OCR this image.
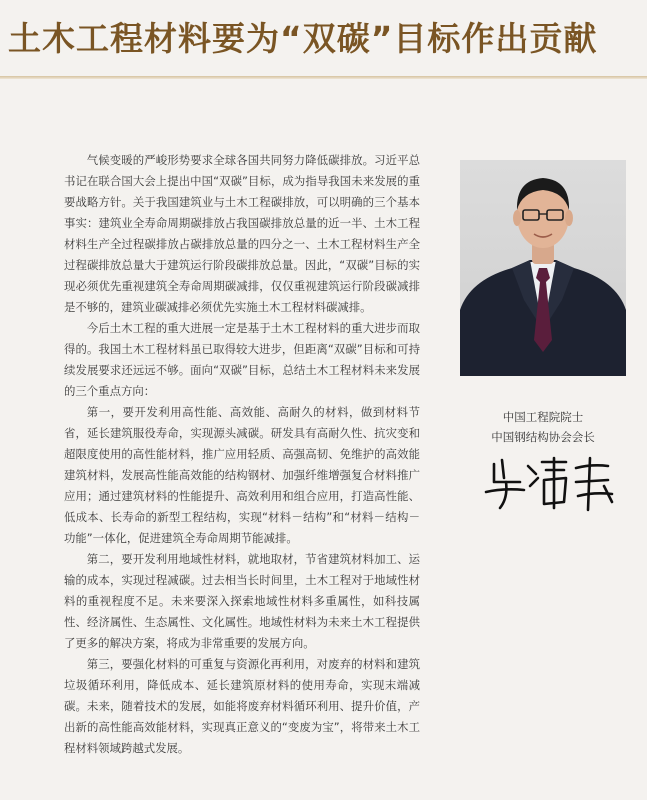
土木工程材料要为“双碳”目标作出贡献

气候变暖的严峻形势要求全球各国共同努力降低碳排放。习近平总书记在联合国大会上提出中国“双碳”目标，成为指导我国未来发展的重要战略方针。关于我国建筑业与土木工程碳排放，可以明确的三个基本事实：建筑业全寿命周期碳排放占我国碳排放总量的近一半、土木工程材料生产全过程碳排放占碳排放总量的四分之一、土木工程材料生产全过程碳排放总量大于建筑运行阶段碳排放总量。因此，“双碳”目标的实现必须优先重视建筑全寿命周期碳减排，仅仅重视建筑运行阶段碳减排是不够的，建筑业碳减排必须优先实施土木工程材料碳减排。

今后土木工程的重大进展一定是基于土木工程材料的重大进步而取得的。我国土木工程材料虽已取得较大进步，但距离“双碳”目标和可持续发展要求还远远不够。面向“双碳”目标，总结土木工程材料未来发展的三个重点方向：

第一，要开发利用高性能、高效能、高耐久的材料，做到材料节省，延长建筑服役寿命，实现源头减碳。研发具有高耐久性、抗灾变和超限度使用的高性能材料，推广应用轻质、高强高韧、免维护的高效能建筑材料，发展高性能高效能的结构钢材、加强纤维增强复合材料推广应用；通过建筑材料的性能提升、高效利用和组合应用，打造高性能、低成本、长寿命的新型工程结构，实现“材料－结构”和“材料－结构－功能”一体化，促进建筑全寿命周期节能减排。

第二，要开发利用地域性材料，就地取材，节省建筑材料加工、运输的成本，实现过程减碳。过去相当长时间里，土木工程对于地域性材料的重视程度不足。未来要深入探索地域性材料多重属性，如科技属性、经济属性、生态属性、文化属性。地域性材料为未来土木工程提供了更多的解决方案，将成为非常重要的发展方向。

第三，要强化材料的可重复与资源化再利用，对废弃的材料和建筑垃圾循环利用，降低成本、延长建筑原材料的使用寿命，实现末端减碳。未来，随着技术的发展，如能将废弃材料循环利用、提升价值，产出新的高性能高效能材料，实现真正意义的“变废为宝”，将带来土木工程材料领域跨越式发展。

中国工程院院士
中国钢结构协会会长
